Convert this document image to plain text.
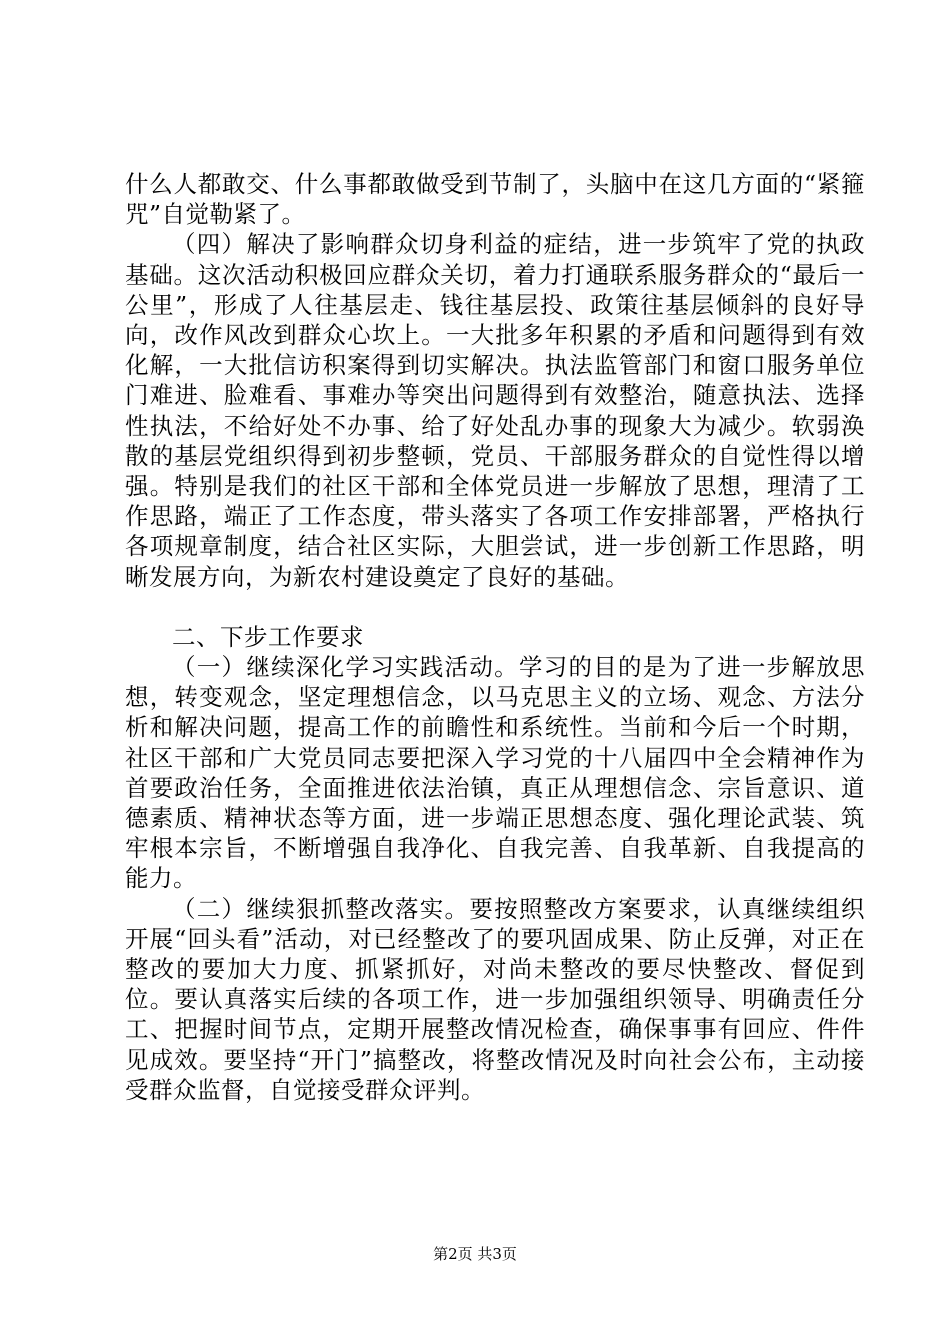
什么人都敢交、什么事都敢做受到节制了，头脑中在这几方面的“紧箍咒”自觉勒紧了。

（四）解决了影响群众切身利益的症结，进一步筑牢了党的执政基础。这次活动积极回应群众关切，着力打通联系服务群众的“最后一公里”，形成了人往基层走、钱往基层投、政策往基层倾斜的良好导向，改作风改到群众心坎上。一大批多年积累的矛盾和问题得到有效化解，一大批信访积案得到切实解决。执法监管部门和窗口服务单位门难进、脸难看、事难办等突出问题得到有效整治，随意执法、选择性执法，不给好处不办事、给了好处乱办事的现象大为减少。软弱涣散的基层党组织得到初步整顿，党员、干部服务群众的自觉性得以增强。特别是我们的社区干部和全体党员进一步解放了思想，理清了工作思路，端正了工作态度，带头落实了各项工作安排部署，严格执行各项规章制度，结合社区实际，大胆尝试，进一步创新工作思路，明晰发展方向，为新农村建设奠定了良好的基础。

二、下步工作要求

（一）继续深化学习实践活动。学习的目的是为了进一步解放思想，转变观念，坚定理想信念，以马克思主义的立场、观念、方法分析和解决问题，提高工作的前瞻性和系统性。当前和今后一个时期，社区干部和广大党员同志要把深入学习党的十八届四中全会精神作为首要政治任务，全面推进依法治镇，真正从理想信念、宗旨意识、道德素质、精神状态等方面，进一步端正思想态度、强化理论武装、筑牢根本宗旨，不断增强自我净化、自我完善、自我革新、自我提高的能力。

（二）继续狠抓整改落实。要按照整改方案要求，认真继续组织开展“回头看”活动，对已经整改了的要巩固成果、防止反弹，对正在整改的要加大力度、抓紧抓好，对尚未整改的要尽快整改、督促到位。要认真落实后续的各项工作，进一步加强组织领导、明确责任分工、把握时间节点，定期开展整改情况检查，确保事事有回应、件件见成效。要坚持“开门”搞整改，将整改情况及时向社会公布，主动接受群众监督，自觉接受群众评判。

第2页 共3页
